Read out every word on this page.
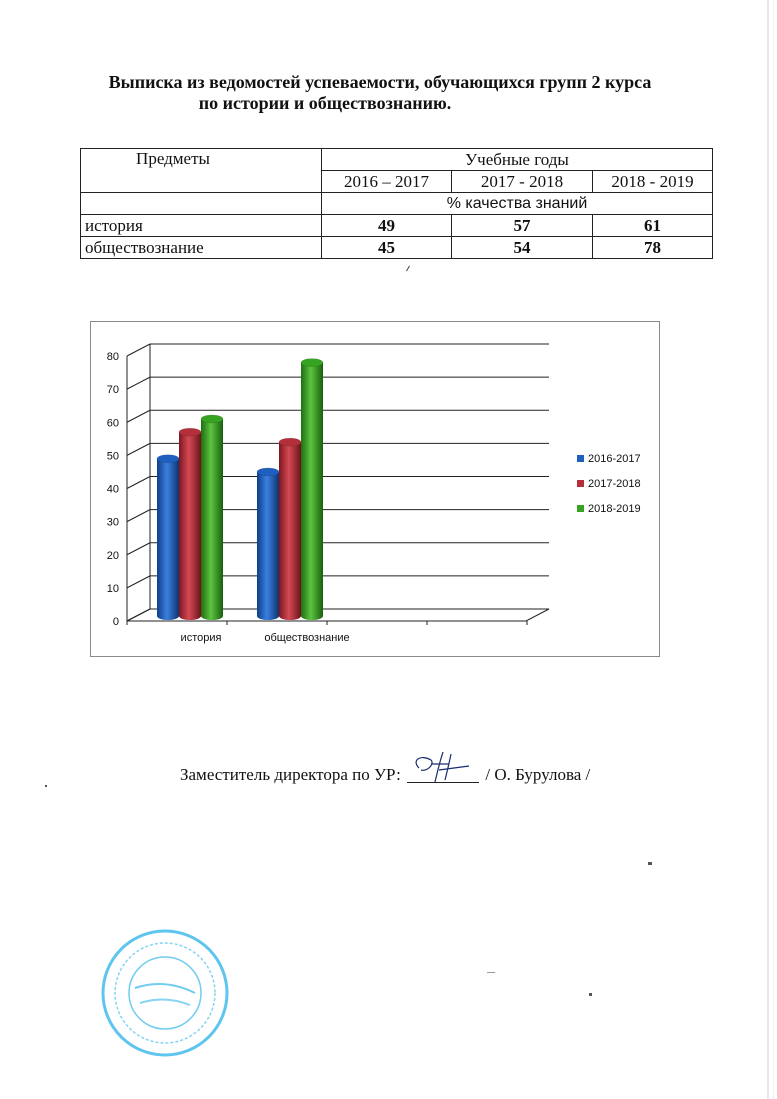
Выписка из ведомостей успеваемости, обучающихся групп 2 курса
по истории и обществознанию.
Предметы	Учебные годы		
	2016 – 2017	2017 - 2018	2018 - 2019
	% качества знаний		
история	49	57	61
обществознание	45	54	78
0
10
20
30
40
50
60
70
80
история	обществознание
2016-2017
2017-2018
2018-2019
Заместитель директора по УР:	/ О. Бурулова /
